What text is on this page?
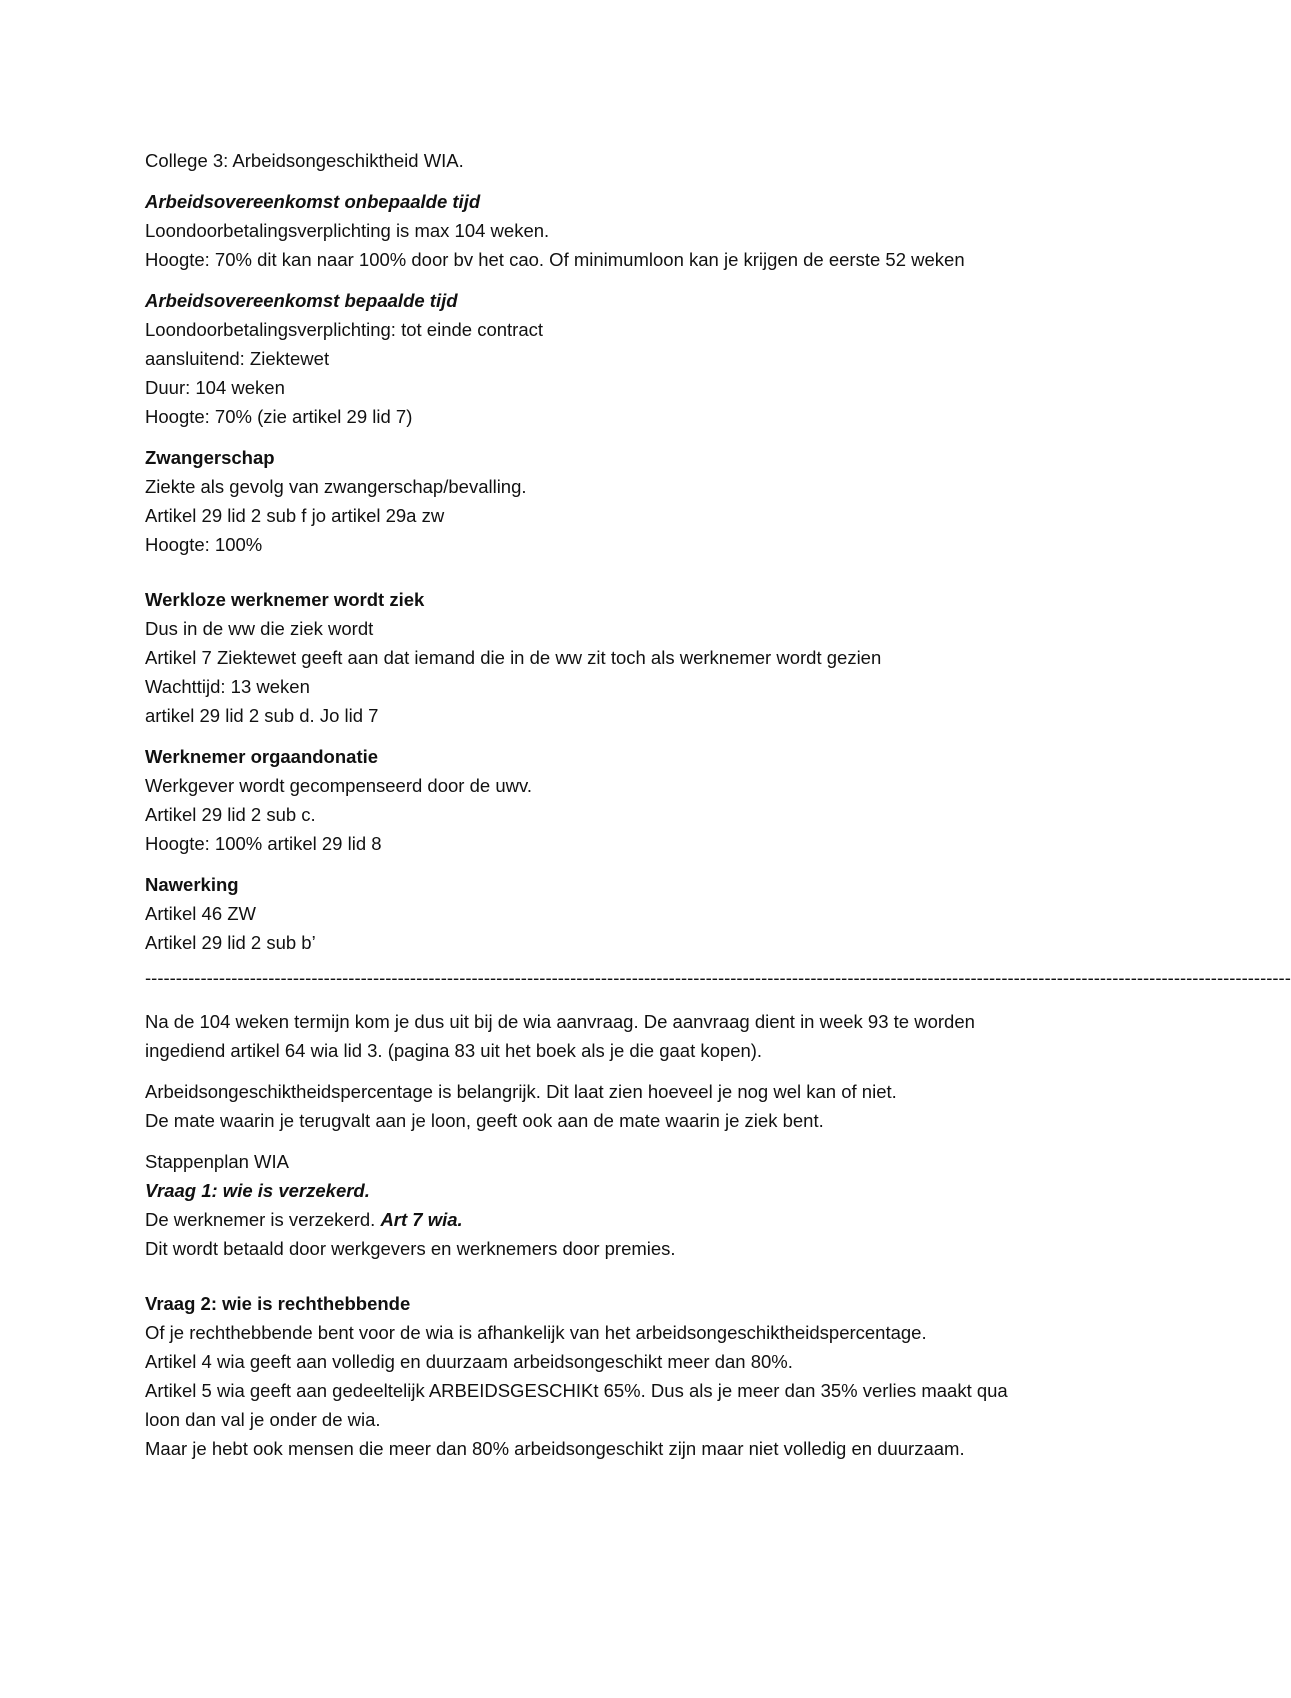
College 3: Arbeidsongeschiktheid WIA.
Arbeidsovereenkomst onbepaalde tijd
Loondoorbetalingsverplichting is max 104 weken.
Hoogte: 70% dit kan naar 100% door bv het cao. Of minimumloon kan je krijgen de eerste 52 weken
Arbeidsovereenkomst bepaalde tijd
Loondoorbetalingsverplichting: tot einde contract
aansluitend: Ziektewet
Duur: 104 weken
Hoogte: 70% (zie artikel 29 lid 7)
Zwangerschap
Ziekte als gevolg van zwangerschap/bevalling.
Artikel 29 lid 2 sub f jo artikel 29a zw
Hoogte: 100%
Werkloze werknemer wordt ziek
Dus in de ww die ziek wordt
Artikel 7 Ziektewet geeft aan dat iemand die in de ww zit toch als werknemer wordt gezien
Wachttijd: 13 weken
artikel 29 lid 2 sub d. Jo lid 7
Werknemer orgaandonatie
Werkgever wordt gecompenseerd door de uwv.
Artikel 29 lid 2 sub c.
Hoogte: 100% artikel 29 lid 8
Nawerking
Artikel 46 ZW
Artikel 29 lid 2 sub b’
------------------------------------------------------------------------------------------------------------------------------------------------------------------------------------------
Na de 104 weken termijn kom je dus uit bij de wia aanvraag. De aanvraag dient in week 93 te worden
ingediend artikel 64 wia lid 3. (pagina 83 uit het boek als je die gaat kopen).
Arbeidsongeschiktheidspercentage is belangrijk. Dit laat zien hoeveel je nog wel kan of niet.
De mate waarin je terugvalt aan je loon, geeft ook aan de mate waarin je ziek bent.
Stappenplan WIA
Vraag 1: wie is verzekerd.
De werknemer is verzekerd. Art 7 wia.
Dit wordt betaald door werkgevers en werknemers door premies.
Vraag 2: wie is rechthebbende
Of je rechthebbende bent voor de wia is afhankelijk van het arbeidsongeschiktheidspercentage.
Artikel 4 wia geeft aan volledig en duurzaam arbeidsongeschikt meer dan 80%.
Artikel 5 wia geeft aan gedeeltelijk ARBEIDSGESCHIKt 65%. Dus als je meer dan 35% verlies maakt qua
loon dan val je onder de wia.
Maar je hebt ook mensen die meer dan 80% arbeidsongeschikt zijn maar niet volledig en duurzaam.
